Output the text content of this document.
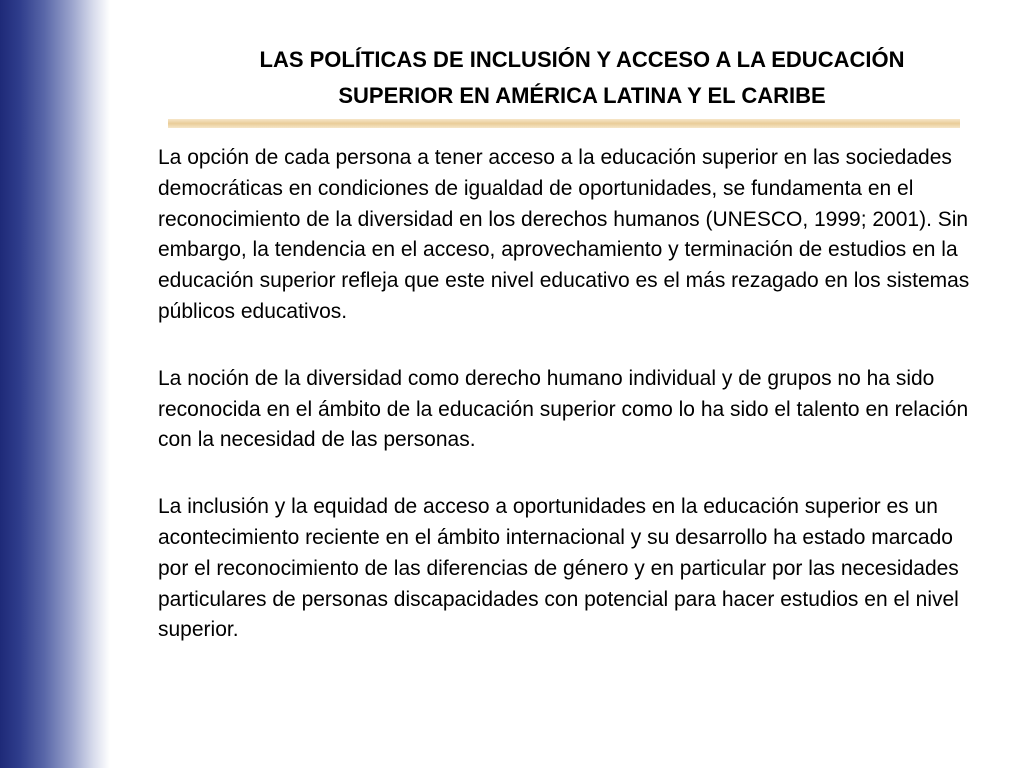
LAS POLÍTICAS DE INCLUSIÓN Y ACCESO A LA EDUCACIÓN
SUPERIOR EN AMÉRICA LATINA Y EL CARIBE

La opción de cada persona a tener acceso a la educación superior en las sociedades democráticas en condiciones de igualdad de oportunidades, se fundamenta en el reconocimiento de la diversidad en los derechos humanos (UNESCO, 1999; 2001). Sin embargo, la tendencia en el acceso, aprovechamiento y terminación de estudios en la educación superior refleja que este nivel educativo es el más rezagado en los sistemas públicos educativos.

La noción de la diversidad como derecho humano individual y de grupos no ha sido reconocida en el ámbito de la educación superior como lo ha sido el talento en relación con la necesidad de las personas.

La inclusión y la equidad de acceso a oportunidades en la educación superior es un acontecimiento reciente en el ámbito internacional y su desarrollo ha estado marcado por el reconocimiento de las diferencias de género y en particular por las necesidades particulares de personas discapacidades con potencial para hacer estudios en el nivel superior.
